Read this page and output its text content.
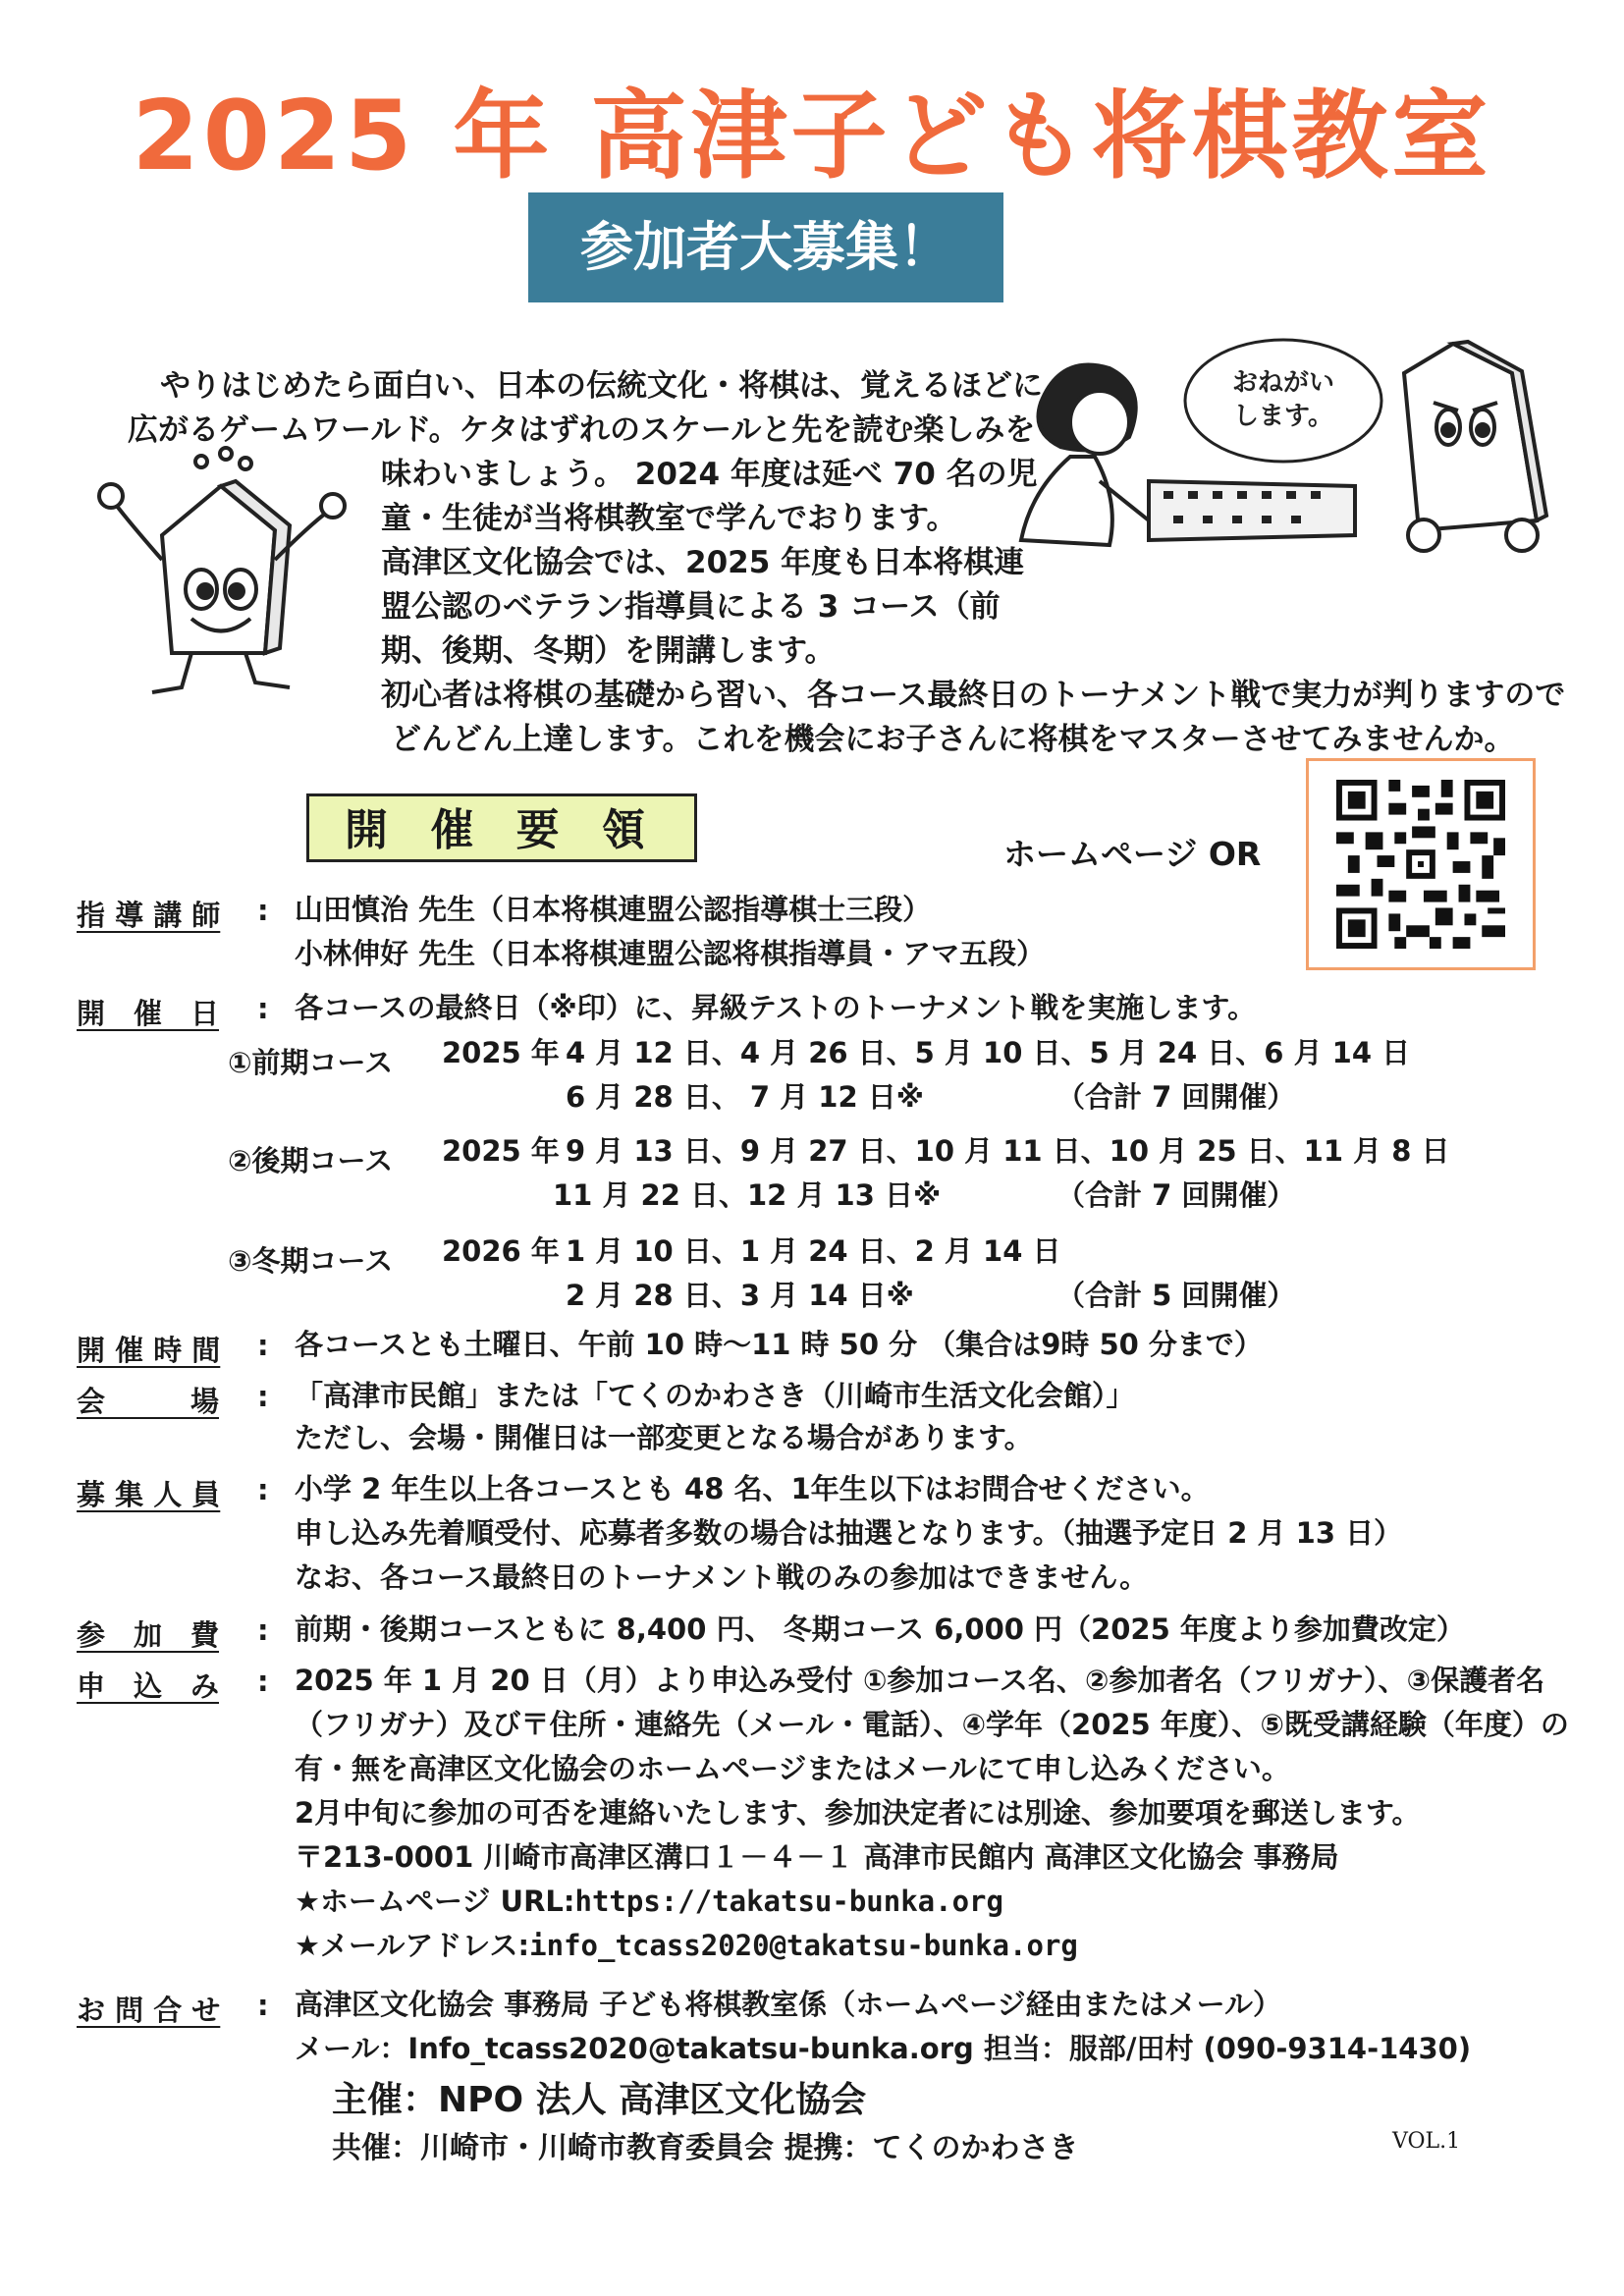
2025 年 高津子ども将棋教室
参加者大募集！
おねがい
します。
やりはじめたら面白い、日本の伝統文化・将棋は、覚えるほどに
広がるゲームワールド。ケタはずれのスケールと先を読む楽しみを
味わいましょう。 2024 年度は延べ 70 名の児
童・生徒が当将棋教室で学んでおります。
高津区文化協会では、2025 年度も日本将棋連
盟公認のベテラン指導員による 3 コース（前
期、後期、冬期）を開講します。
初心者は将棋の基礎から習い、各コース最終日のトーナメント戦で実力が判りますので
どんどん上達します。これを機会にお子さんに将棋をマスターさせてみませんか。
開 催 要 領	ホームページ OR
指 導 講 師 : 山田慎治 先生（日本将棋連盟公認指導棋士三段）
小林伸好 先生（日本将棋連盟公認将棋指導員・アマ五段）
開　催　日 : 各コースの最終日（※印）に、昇級テストのトーナメント戦を実施します。
①前期コース 2025 年 4 月 12 日、4 月 26 日、5 月 10 日、5 月 24 日、6 月 14 日
6 月 28 日、 7 月 12 日※	（合計 7 回開催）
②後期コース 2025 年 9 月 13 日、9 月 27 日、10 月 11 日、10 月 25 日、11 月 8 日
11 月 22 日、12 月 13 日※	（合計 7 回開催）
③冬期コース 2026 年 1 月 10 日、1 月 24 日、2 月 14 日
2 月 28 日、3 月 14 日※	（合計 5 回開催）
開 催 時 間 : 各コースとも土曜日、午前 10 時～11 時 50 分 （集合は9時 50 分まで）
会　　　場 : 「高津市民館」または「てくのかわさき（川崎市生活文化会館）」
ただし、会場・開催日は一部変更となる場合があります。
募 集 人 員 : 小学 2 年生以上各コースとも 48 名、1年生以下はお問合せください。
申し込み先着順受付、応募者多数の場合は抽選となります。（抽選予定日 2 月 13 日）
なお、各コース最終日のトーナメント戦のみの参加はできません。
参　加　費 : 前期・後期コースともに 8,400 円、 冬期コース 6,000 円（2025 年度より参加費改定）
申　込　み : 2025 年 1 月 20 日（月）より申込み受付 ①参加コース名、②参加者名（フリガナ）、③保護者名
（フリガナ）及び〒住所・連絡先（メール・電話）、④学年（2025 年度）、⑤既受講経験（年度）の
有・無を高津区文化協会のホームページまたはメールにて申し込みください。
2月中旬に参加の可否を連絡いたします、参加決定者には別途、参加要項を郵送します。
〒213-0001 川崎市高津区溝口１－４－１ 高津市民館内 高津区文化協会 事務局
★ホームページ URL:https://takatsu-bunka.org
★メールアドレス:info_tcass2020@takatsu-bunka.org
お 問 合 せ : 高津区文化協会 事務局 子ども将棋教室係（ホームページ経由またはメール）
メール：Info_tcass2020@takatsu-bunka.org 担当：服部/田村 (090-9314-1430)
主催：NPO 法人 高津区文化協会
共催：川崎市・川崎市教育委員会 提携：てくのかわさき	VOL.1
